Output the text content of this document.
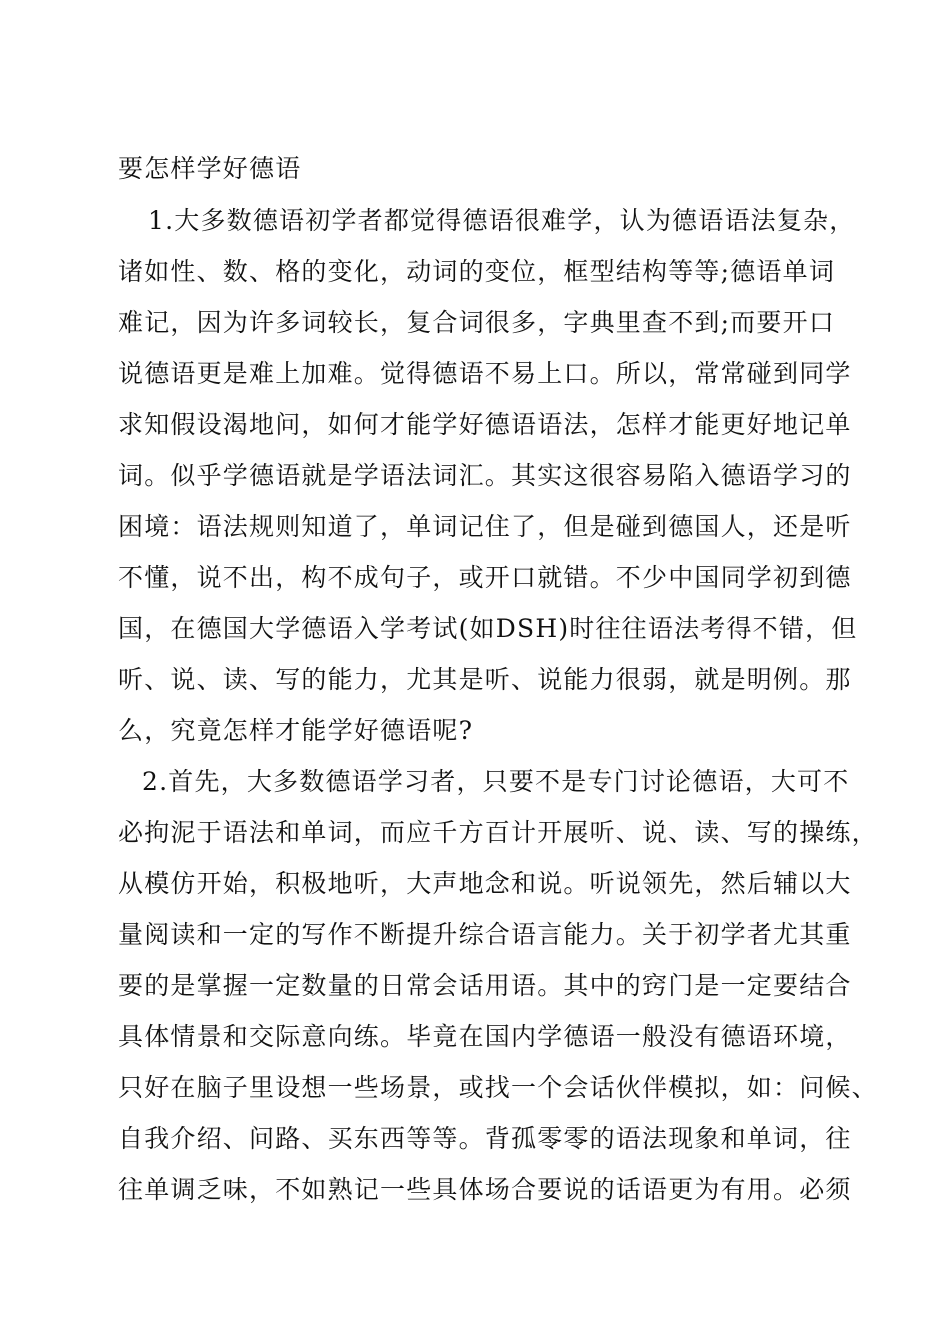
要怎样学好德语

1.大多数德语初学者都觉得德语很难学，认为德语语法复杂，

诸如性、数、格的变化，动词的变位，框型结构等等;德语单词

难记，因为许多词较长，复合词很多，字典里查不到;而要开口

说德语更是难上加难。觉得德语不易上口。所以，常常碰到同学

求知假设渴地问，如何才能学好德语语法，怎样才能更好地记单

词。似乎学德语就是学语法词汇。其实这很容易陷入德语学习的

困境：语法规则知道了，单词记住了，但是碰到德国人，还是听

不懂，说不出，构不成句子，或开口就错。不少中国同学初到德

国，在德国大学德语入学考试(如DSH)时往往语法考得不错，但

听、说、读、写的能力，尤其是听、说能力很弱，就是明例。那

么，究竟怎样才能学好德语呢?

2.首先，大多数德语学习者，只要不是专门讨论德语，大可不

必拘泥于语法和单词，而应千方百计开展听、说、读、写的操练，

从模仿开始，积极地听，大声地念和说。听说领先，然后辅以大

量阅读和一定的写作不断提升综合语言能力。关于初学者尤其重

要的是掌握一定数量的日常会话用语。其中的窍门是一定要结合

具体情景和交际意向练。毕竟在国内学德语一般没有德语环境，

只好在脑子里设想一些场景，或找一个会话伙伴模拟，如：问候、

自我介绍、问路、买东西等等。背孤零零的语法现象和单词，往

往单调乏味，不如熟记一些具体场合要说的话语更为有用。必须
